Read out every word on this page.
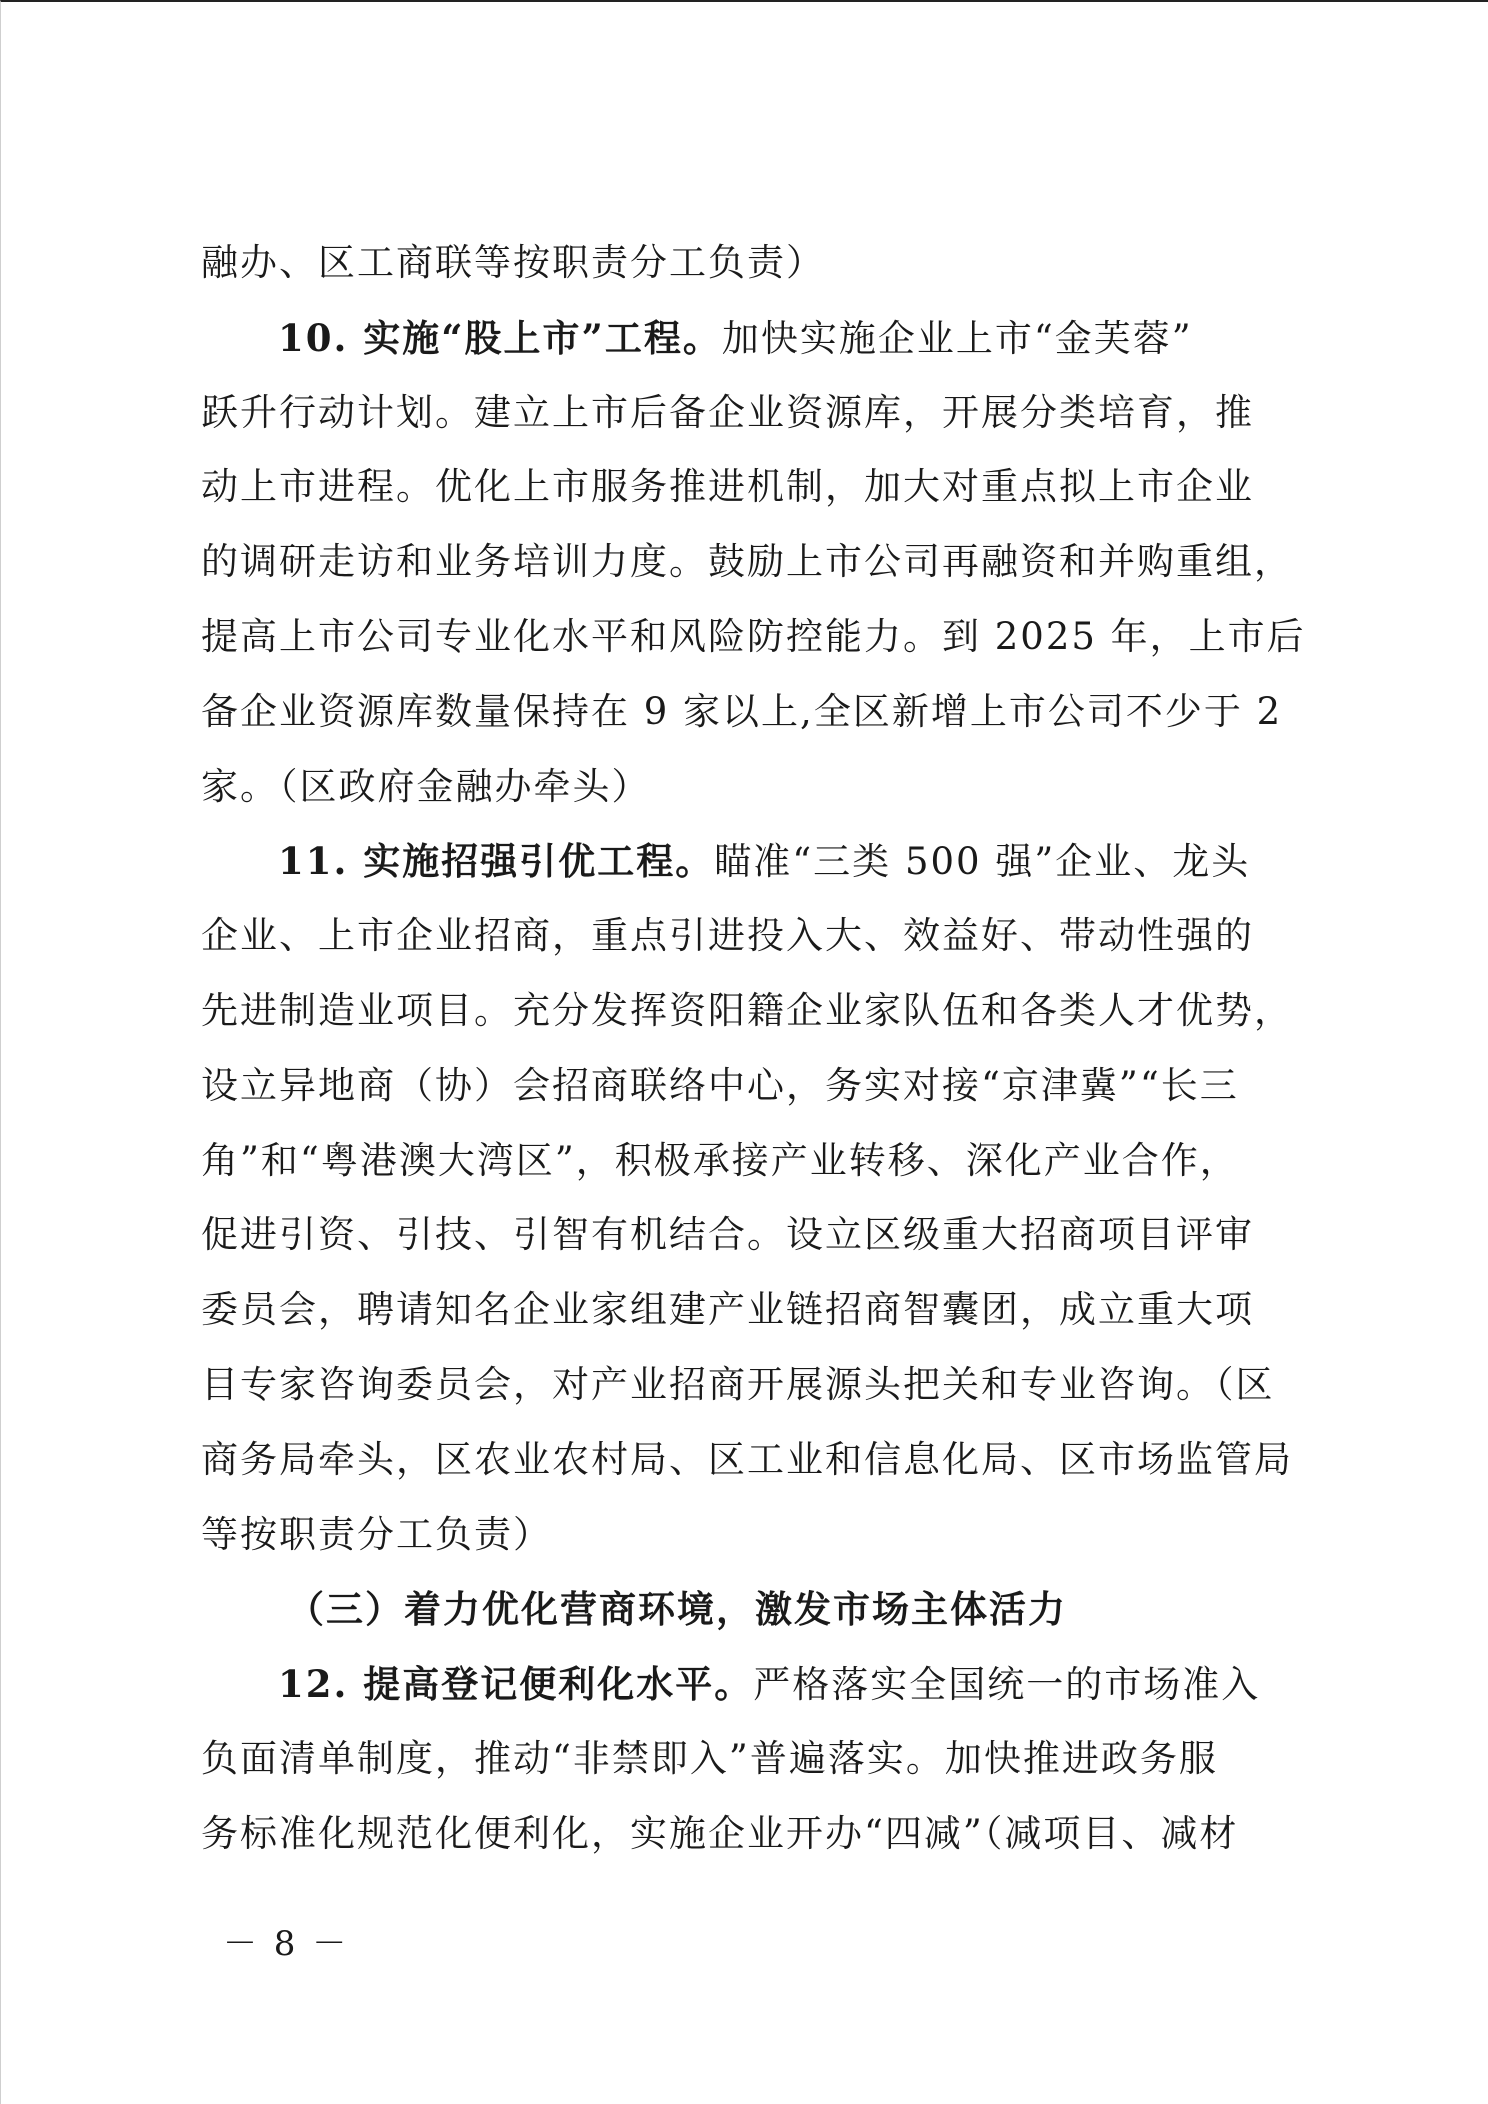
融办、区工商联等按职责分工负责）
10. 实施“股上市”工程。加快实施企业上市“金芙蓉”
跃升行动计划。建立上市后备企业资源库，开展分类培育，推
动上市进程。优化上市服务推进机制，加大对重点拟上市企业
的调研走访和业务培训力度。鼓励上市公司再融资和并购重组，
提高上市公司专业化水平和风险防控能力。到 2025 年，上市后
备企业资源库数量保持在 9 家以上,全区新增上市公司不少于 2
家。（区政府金融办牵头）
11. 实施招强引优工程。瞄准“三类 500 强”企业、龙头
企业、上市企业招商，重点引进投入大、效益好、带动性强的
先进制造业项目。充分发挥资阳籍企业家队伍和各类人才优势，
设立异地商（协）会招商联络中心，务实对接“京津冀”“长三
角”和“粤港澳大湾区”，积极承接产业转移、深化产业合作，
促进引资、引技、引智有机结合。设立区级重大招商项目评审
委员会，聘请知名企业家组建产业链招商智囊团，成立重大项
目专家咨询委员会，对产业招商开展源头把关和专业咨询。（区
商务局牵头，区农业农村局、区工业和信息化局、区市场监管局
等按职责分工负责）
（三）着力优化营商环境，激发市场主体活力
12. 提高登记便利化水平。严格落实全国统一的市场准入
负面清单制度，推动“非禁即入”普遍落实。加快推进政务服
务标准化规范化便利化，实施企业开办“四减”（减项目、减材
－ 8 －
